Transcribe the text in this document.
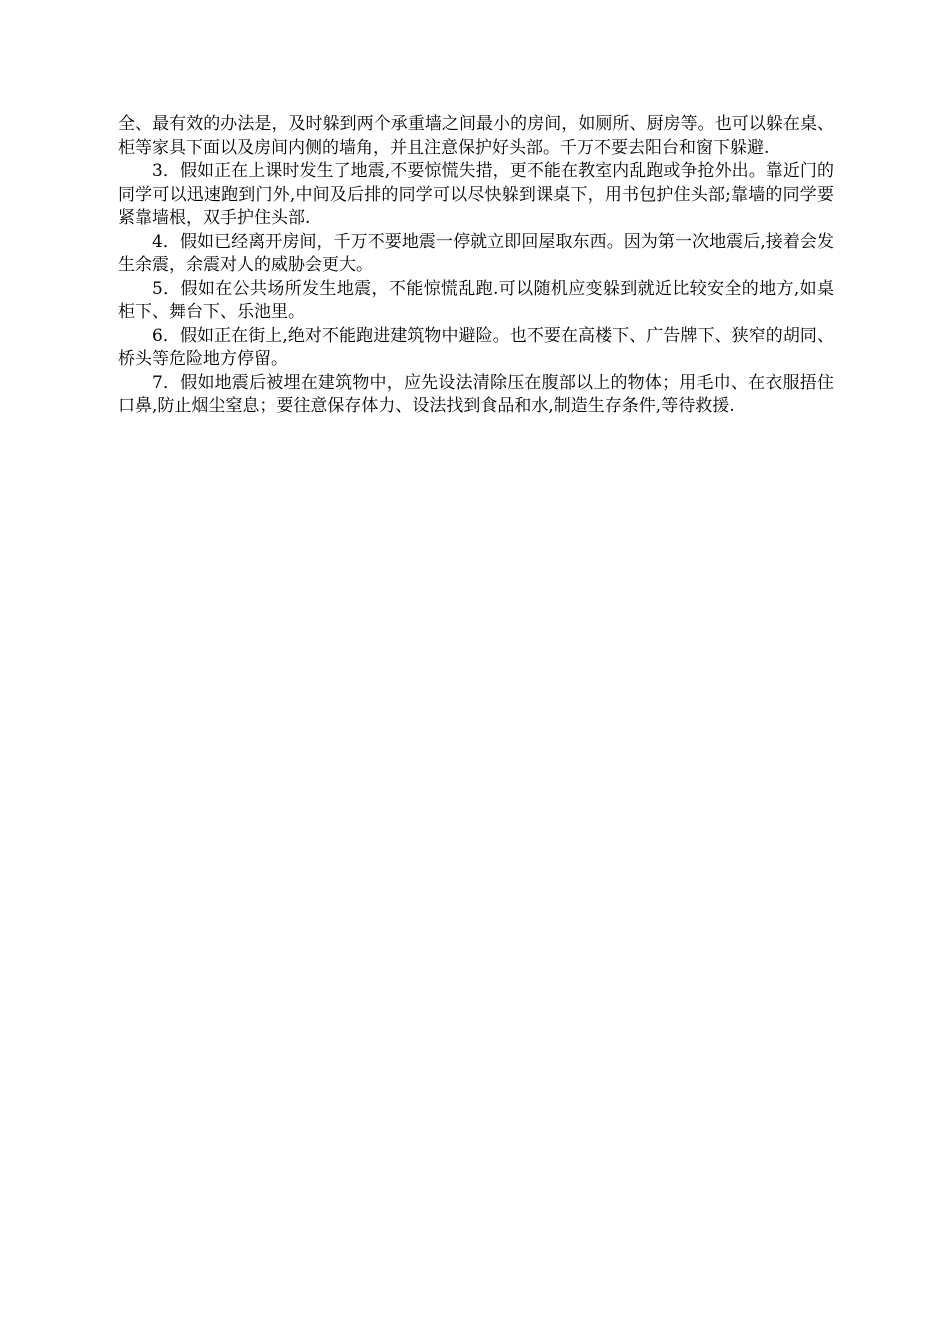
全、最有效的办法是，及时躲到两个承重墙之间最小的房间，如厕所、厨房等。也可以躲在桌、柜等家具下面以及房间内侧的墙角，并且注意保护好头部。千万不要去阳台和窗下躲避.

3．假如正在上课时发生了地震,不要惊慌失措，更不能在教室内乱跑或争抢外出。靠近门的同学可以迅速跑到门外,中间及后排的同学可以尽快躲到课桌下，用书包护住头部;靠墙的同学要紧靠墙根，双手护住头部.

4．假如已经离开房间，千万不要地震一停就立即回屋取东西。因为第一次地震后,接着会发生余震，余震对人的威胁会更大。

5．假如在公共场所发生地震，不能惊慌乱跑.可以随机应变躲到就近比较安全的地方,如桌柜下、舞台下、乐池里。

6．假如正在街上,绝对不能跑进建筑物中避险。也不要在高楼下、广告牌下、狭窄的胡同、桥头等危险地方停留。

7．假如地震后被埋在建筑物中，应先设法清除压在腹部以上的物体；用毛巾、在衣服捂住口鼻,防止烟尘窒息；要往意保存体力、设法找到食品和水,制造生存条件,等待救援.
